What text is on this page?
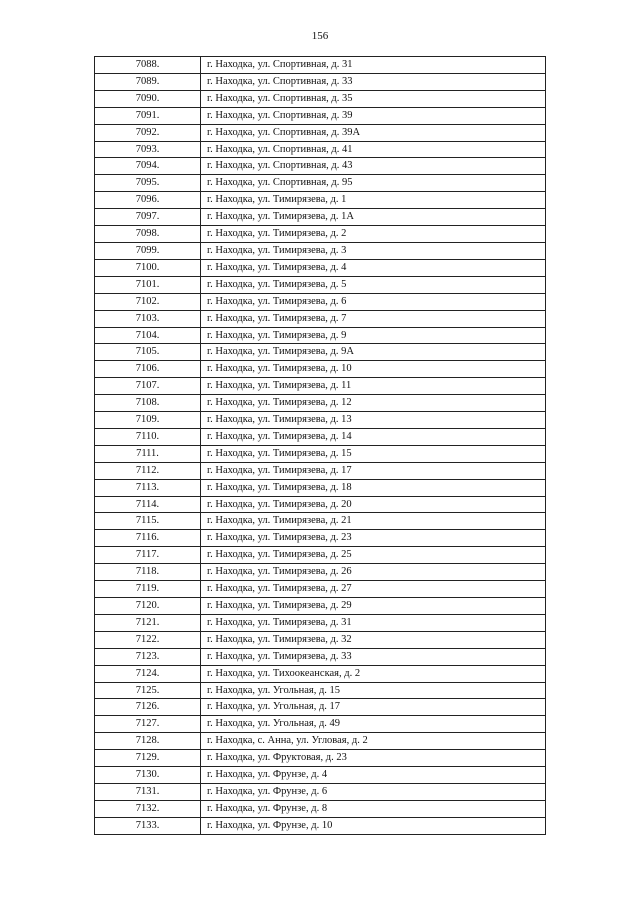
156
7088.	г. Находка, ул. Спортивная, д. 31
7089.	г. Находка, ул. Спортивная, д. 33
7090.	г. Находка, ул. Спортивная, д. 35
7091.	г. Находка, ул. Спортивная, д. 39
7092.	г. Находка, ул. Спортивная, д. 39А
7093.	г. Находка, ул. Спортивная, д. 41
7094.	г. Находка, ул. Спортивная, д. 43
7095.	г. Находка, ул. Спортивная, д. 95
7096.	г. Находка, ул. Тимирязева, д. 1
7097.	г. Находка, ул. Тимирязева, д. 1А
7098.	г. Находка, ул. Тимирязева, д. 2
7099.	г. Находка, ул. Тимирязева, д. 3
7100.	г. Находка, ул. Тимирязева, д. 4
7101.	г. Находка, ул. Тимирязева, д. 5
7102.	г. Находка, ул. Тимирязева, д. 6
7103.	г. Находка, ул. Тимирязева, д. 7
7104.	г. Находка, ул. Тимирязева, д. 9
7105.	г. Находка, ул. Тимирязева, д. 9А
7106.	г. Находка, ул. Тимирязева, д. 10
7107.	г. Находка, ул. Тимирязева, д. 11
7108.	г. Находка, ул. Тимирязева, д. 12
7109.	г. Находка, ул. Тимирязева, д. 13
7110.	г. Находка, ул. Тимирязева, д. 14
7111.	г. Находка, ул. Тимирязева, д. 15
7112.	г. Находка, ул. Тимирязева, д. 17
7113.	г. Находка, ул. Тимирязева, д. 18
7114.	г. Находка, ул. Тимирязева, д. 20
7115.	г. Находка, ул. Тимирязева, д. 21
7116.	г. Находка, ул. Тимирязева, д. 23
7117.	г. Находка, ул. Тимирязева, д. 25
7118.	г. Находка, ул. Тимирязева, д. 26
7119.	г. Находка, ул. Тимирязева, д. 27
7120.	г. Находка, ул. Тимирязева, д. 29
7121.	г. Находка, ул. Тимирязева, д. 31
7122.	г. Находка, ул. Тимирязева, д. 32
7123.	г. Находка, ул. Тимирязева, д. 33
7124.	г. Находка, ул. Тихоокеанская, д. 2
7125.	г. Находка, ул. Угольная, д. 15
7126.	г. Находка, ул. Угольная, д. 17
7127.	г. Находка, ул. Угольная, д. 49
7128.	г. Находка, с. Анна, ул. Угловая, д. 2
7129.	г. Находка, ул. Фруктовая, д. 23
7130.	г. Находка, ул. Фрунзе, д. 4
7131.	г. Находка, ул. Фрунзе, д. 6
7132.	г. Находка, ул. Фрунзе, д. 8
7133.	г. Находка, ул. Фрунзе, д. 10
